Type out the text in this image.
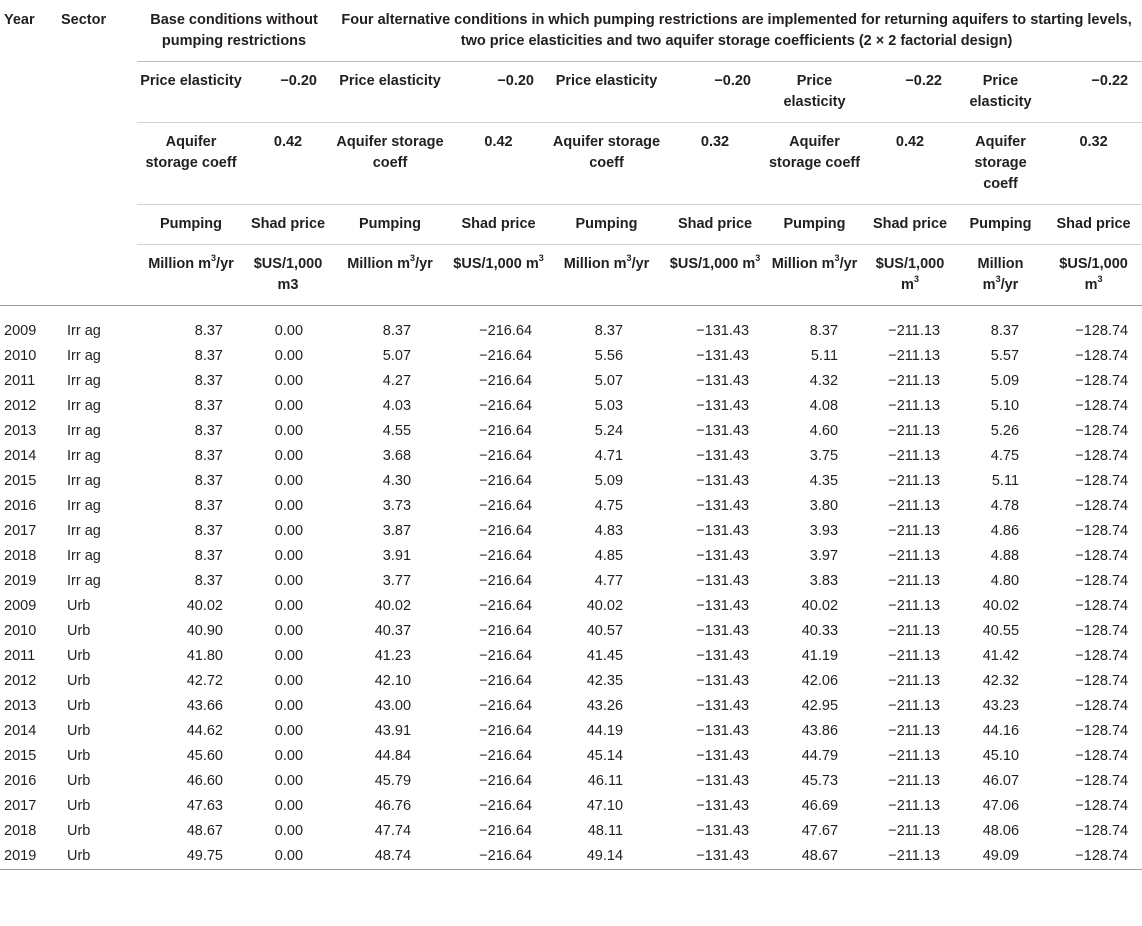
Year	Sector	Base conditions without pumping restrictions		Four alternative conditions in which pumping restrictions are implemented for returning aquifers to starting levels, two price elasticities and two aquifer storage coefficients (2 × 2 factorial design)							
		Price elasticity	−0.20	Price elasticity	−0.20	Price elasticity	−0.20	Price elasticity	−0.22	Price elasticity	−0.22
		Aquifer storage coeff	0.42	Aquifer storage coeff	0.42	Aquifer storage coeff	0.32	Aquifer storage coeff	0.42	Aquifer storage coeff	0.32
		Pumping	Shad price	Pumping	Shad price	Pumping	Shad price	Pumping	Shad price	Pumping	Shad price
		Million $m^3/yr$	$US/1,000 m3	Million $m^3/yr$	$US/1,000 $m^3$	Million $m^3/yr$	$US/1,000 $m^3$	Million $m^3/yr$	$US/1,000 $m^3$	Million $m^3/yr$	$US/1,000 $m^3$
2009	Irr ag	8.37	0.00	8.37	−216.64	8.37	−131.43	8.37	−211.13	8.37	−128.74
2010	Irr ag	8.37	0.00	5.07	−216.64	5.56	−131.43	5.11	−211.13	5.57	−128.74
2011	Irr ag	8.37	0.00	4.27	−216.64	5.07	−131.43	4.32	−211.13	5.09	−128.74
2012	Irr ag	8.37	0.00	4.03	−216.64	5.03	−131.43	4.08	−211.13	5.10	−128.74
2013	Irr ag	8.37	0.00	4.55	−216.64	5.24	−131.43	4.60	−211.13	5.26	−128.74
2014	Irr ag	8.37	0.00	3.68	−216.64	4.71	−131.43	3.75	−211.13	4.75	−128.74
2015	Irr ag	8.37	0.00	4.30	−216.64	5.09	−131.43	4.35	−211.13	5.11	−128.74
2016	Irr ag	8.37	0.00	3.73	−216.64	4.75	−131.43	3.80	−211.13	4.78	−128.74
2017	Irr ag	8.37	0.00	3.87	−216.64	4.83	−131.43	3.93	−211.13	4.86	−128.74
2018	Irr ag	8.37	0.00	3.91	−216.64	4.85	−131.43	3.97	−211.13	4.88	−128.74
2019	Irr ag	8.37	0.00	3.77	−216.64	4.77	−131.43	3.83	−211.13	4.80	−128.74
2009	Urb	40.02	0.00	40.02	−216.64	40.02	−131.43	40.02	−211.13	40.02	−128.74
2010	Urb	40.90	0.00	40.37	−216.64	40.57	−131.43	40.33	−211.13	40.55	−128.74
2011	Urb	41.80	0.00	41.23	−216.64	41.45	−131.43	41.19	−211.13	41.42	−128.74
2012	Urb	42.72	0.00	42.10	−216.64	42.35	−131.43	42.06	−211.13	42.32	−128.74
2013	Urb	43.66	0.00	43.00	−216.64	43.26	−131.43	42.95	−211.13	43.23	−128.74
2014	Urb	44.62	0.00	43.91	−216.64	44.19	−131.43	43.86	−211.13	44.16	−128.74
2015	Urb	45.60	0.00	44.84	−216.64	45.14	−131.43	44.79	−211.13	45.10	−128.74
2016	Urb	46.60	0.00	45.79	−216.64	46.11	−131.43	45.73	−211.13	46.07	−128.74
2017	Urb	47.63	0.00	46.76	−216.64	47.10	−131.43	46.69	−211.13	47.06	−128.74
2018	Urb	48.67	0.00	47.74	−216.64	48.11	−131.43	47.67	−211.13	48.06	−128.74
2019	Urb	49.75	0.00	48.74	−216.64	49.14	−131.43	48.67	−211.13	49.09	−128.74
